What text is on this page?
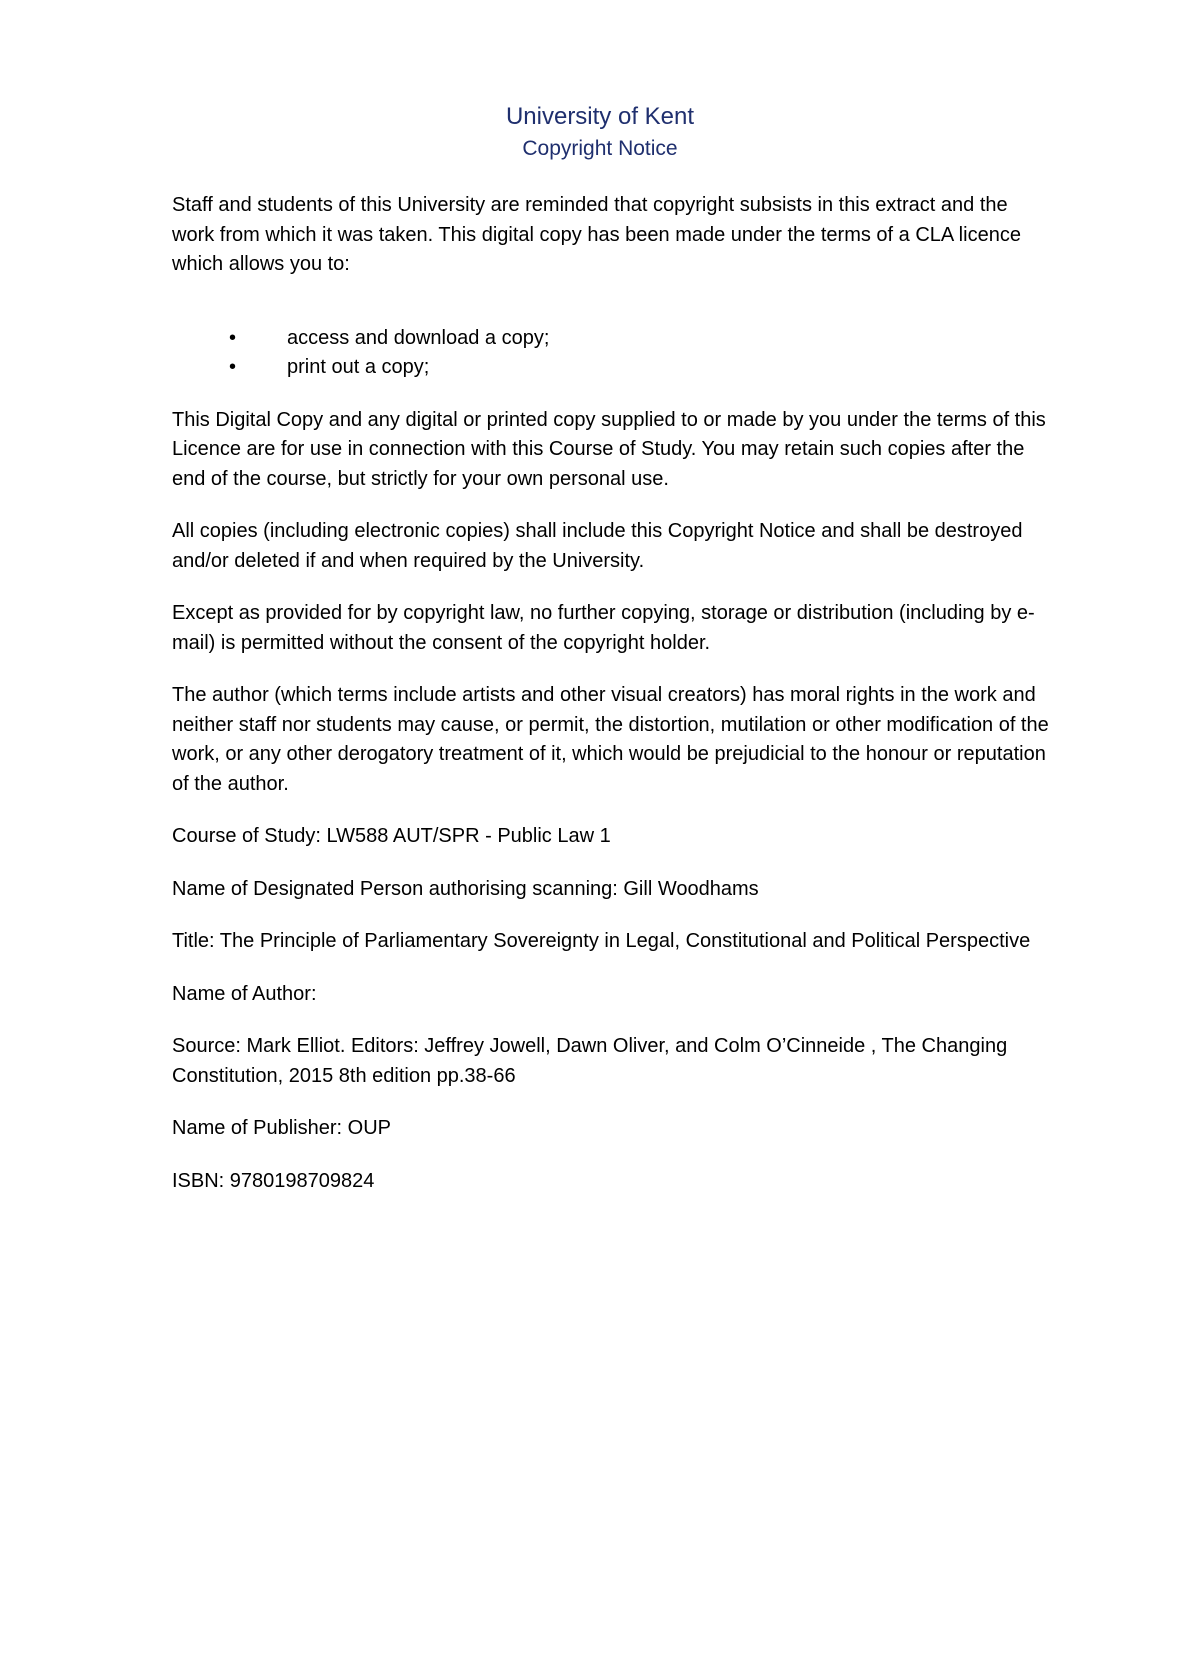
University of Kent
Copyright Notice

Staff and students of this University are reminded that copyright subsists in this extract and the work from which it was taken. This digital copy has been made under the terms of a CLA licence which allows you to:

•	access and download a copy;
•	print out a copy;

This Digital Copy and any digital or printed copy supplied to or made by you under the terms of this Licence are for use in connection with this Course of Study. You may retain such copies after the end of the course, but strictly for your own personal use.

All copies (including electronic copies) shall include this Copyright Notice and shall be destroyed and/or deleted if and when required by the University.

Except as provided for by copyright law, no further copying, storage or distribution (including by e-mail) is permitted without the consent of the copyright holder.

The author (which terms include artists and other visual creators) has moral rights in the work and neither staff nor students may cause, or permit, the distortion, mutilation or other modification of the work, or any other derogatory treatment of it, which would be prejudicial to the honour or reputation of the author.

Course of Study: LW588 AUT/SPR - Public Law 1

Name of Designated Person authorising scanning: Gill Woodhams

Title: The Principle of Parliamentary Sovereignty in Legal, Constitutional and Political Perspective

Name of Author:

Source: Mark Elliot. Editors: Jeffrey Jowell, Dawn Oliver, and Colm O’Cinneide , The Changing Constitution, 2015 8th edition pp.38-66

Name of Publisher: OUP

ISBN: 9780198709824
